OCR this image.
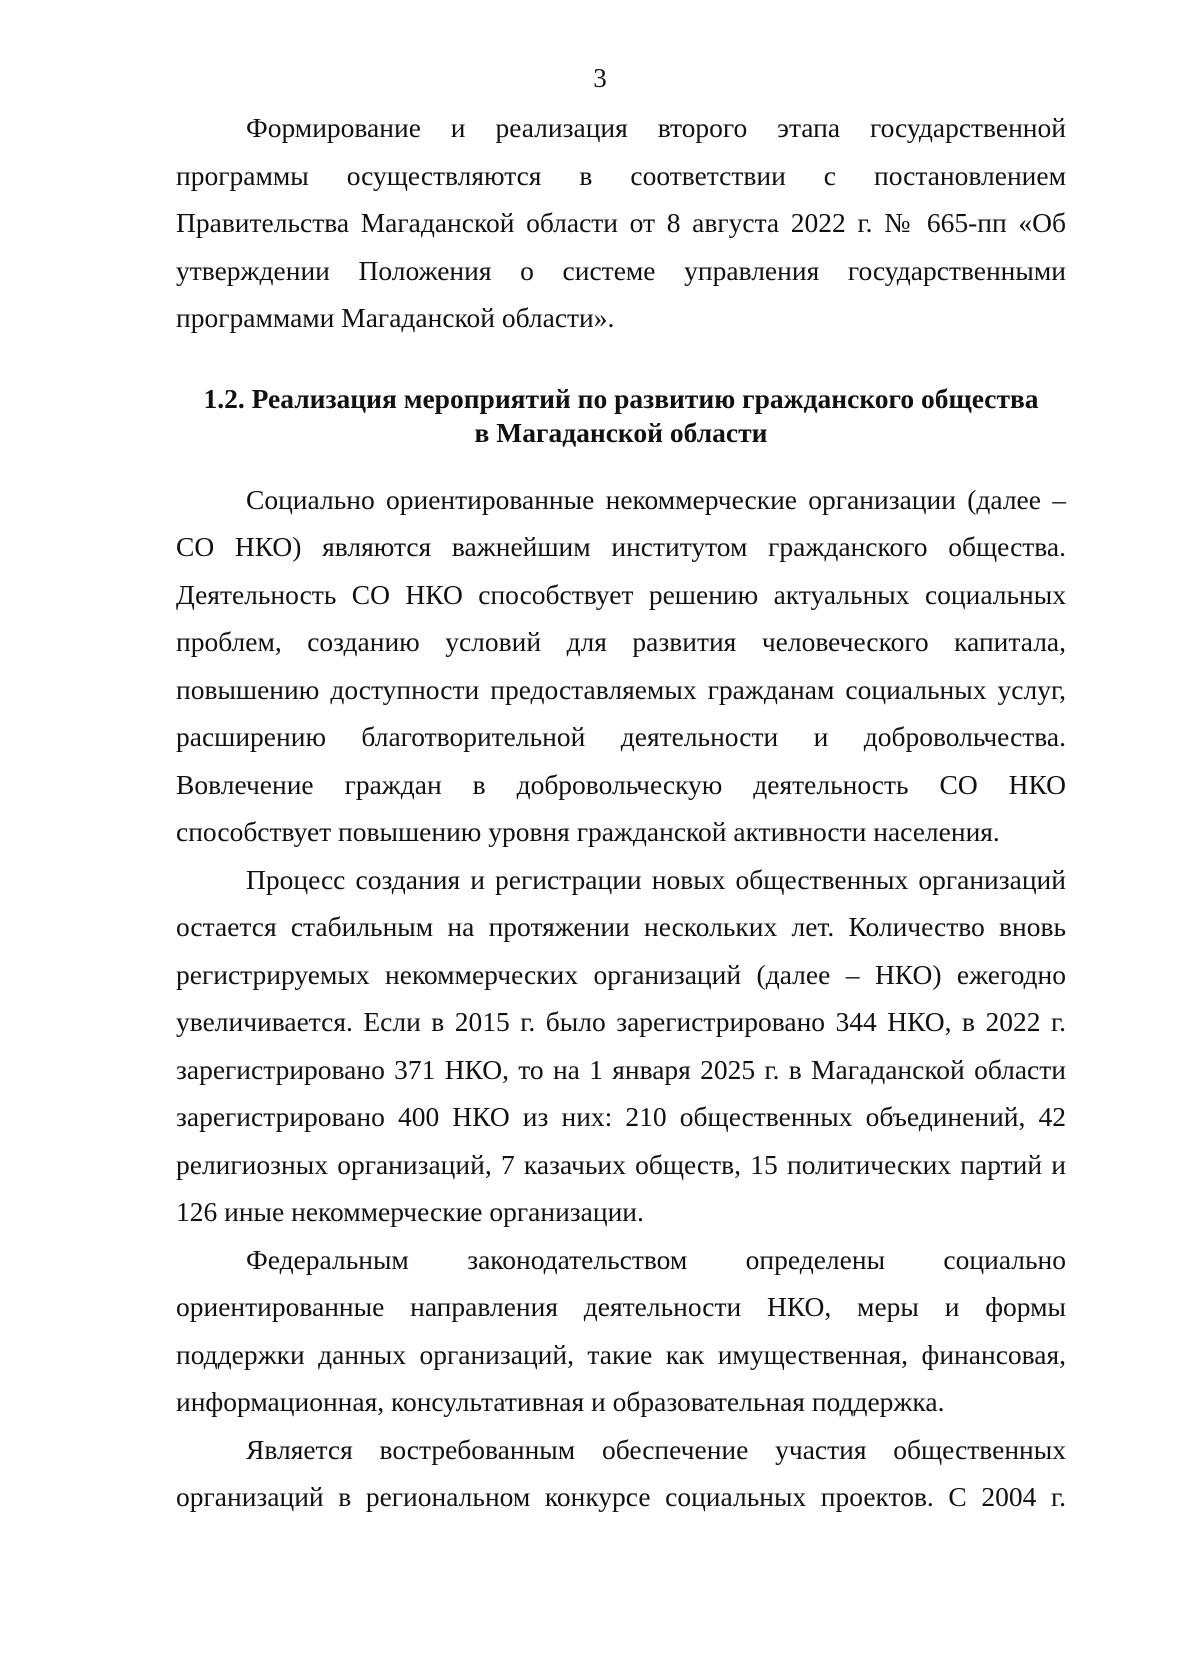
3

Формирование и реализация второго этапа государственной программы осуществляются в соответствии с постановлением Правительства Магаданской области от 8 августа 2022 г. № 665-пп «Об утверждении Положения о системе управления государственными программами Магаданской области».

1.2. Реализация мероприятий по развитию гражданского общества
в Магаданской области

Социально ориентированные некоммерческие организации (далее – СО НКО) являются важнейшим институтом гражданского общества. Деятельность СО НКО способствует решению актуальных социальных проблем, созданию условий для развития человеческого капитала, повышению доступности предоставляемых гражданам социальных услуг, расширению благотворительной деятельности и добровольчества. Вовлечение граждан в добровольческую деятельность СО НКО способствует повышению уровня гражданской активности населения.

Процесс создания и регистрации новых общественных организаций остается стабильным на протяжении нескольких лет. Количество вновь регистрируемых некоммерческих организаций (далее – НКО) ежегодно увеличивается. Если в 2015 г. было зарегистрировано 344 НКО, в 2022 г. зарегистрировано 371 НКО, то на 1 января 2025 г. в Магаданской области зарегистрировано 400 НКО из них: 210 общественных объединений, 42 религиозных организаций, 7 казачьих обществ, 15 политических партий и 126 иные некоммерческие организации.

Федеральным законодательством определены социально ориентированные направления деятельности НКО, меры и формы поддержки данных организаций, такие как имущественная, финансовая, информационная, консультативная и образовательная поддержка.

Является востребованным обеспечение участия общественных организаций в региональном конкурсе социальных проектов. С 2004 г.
